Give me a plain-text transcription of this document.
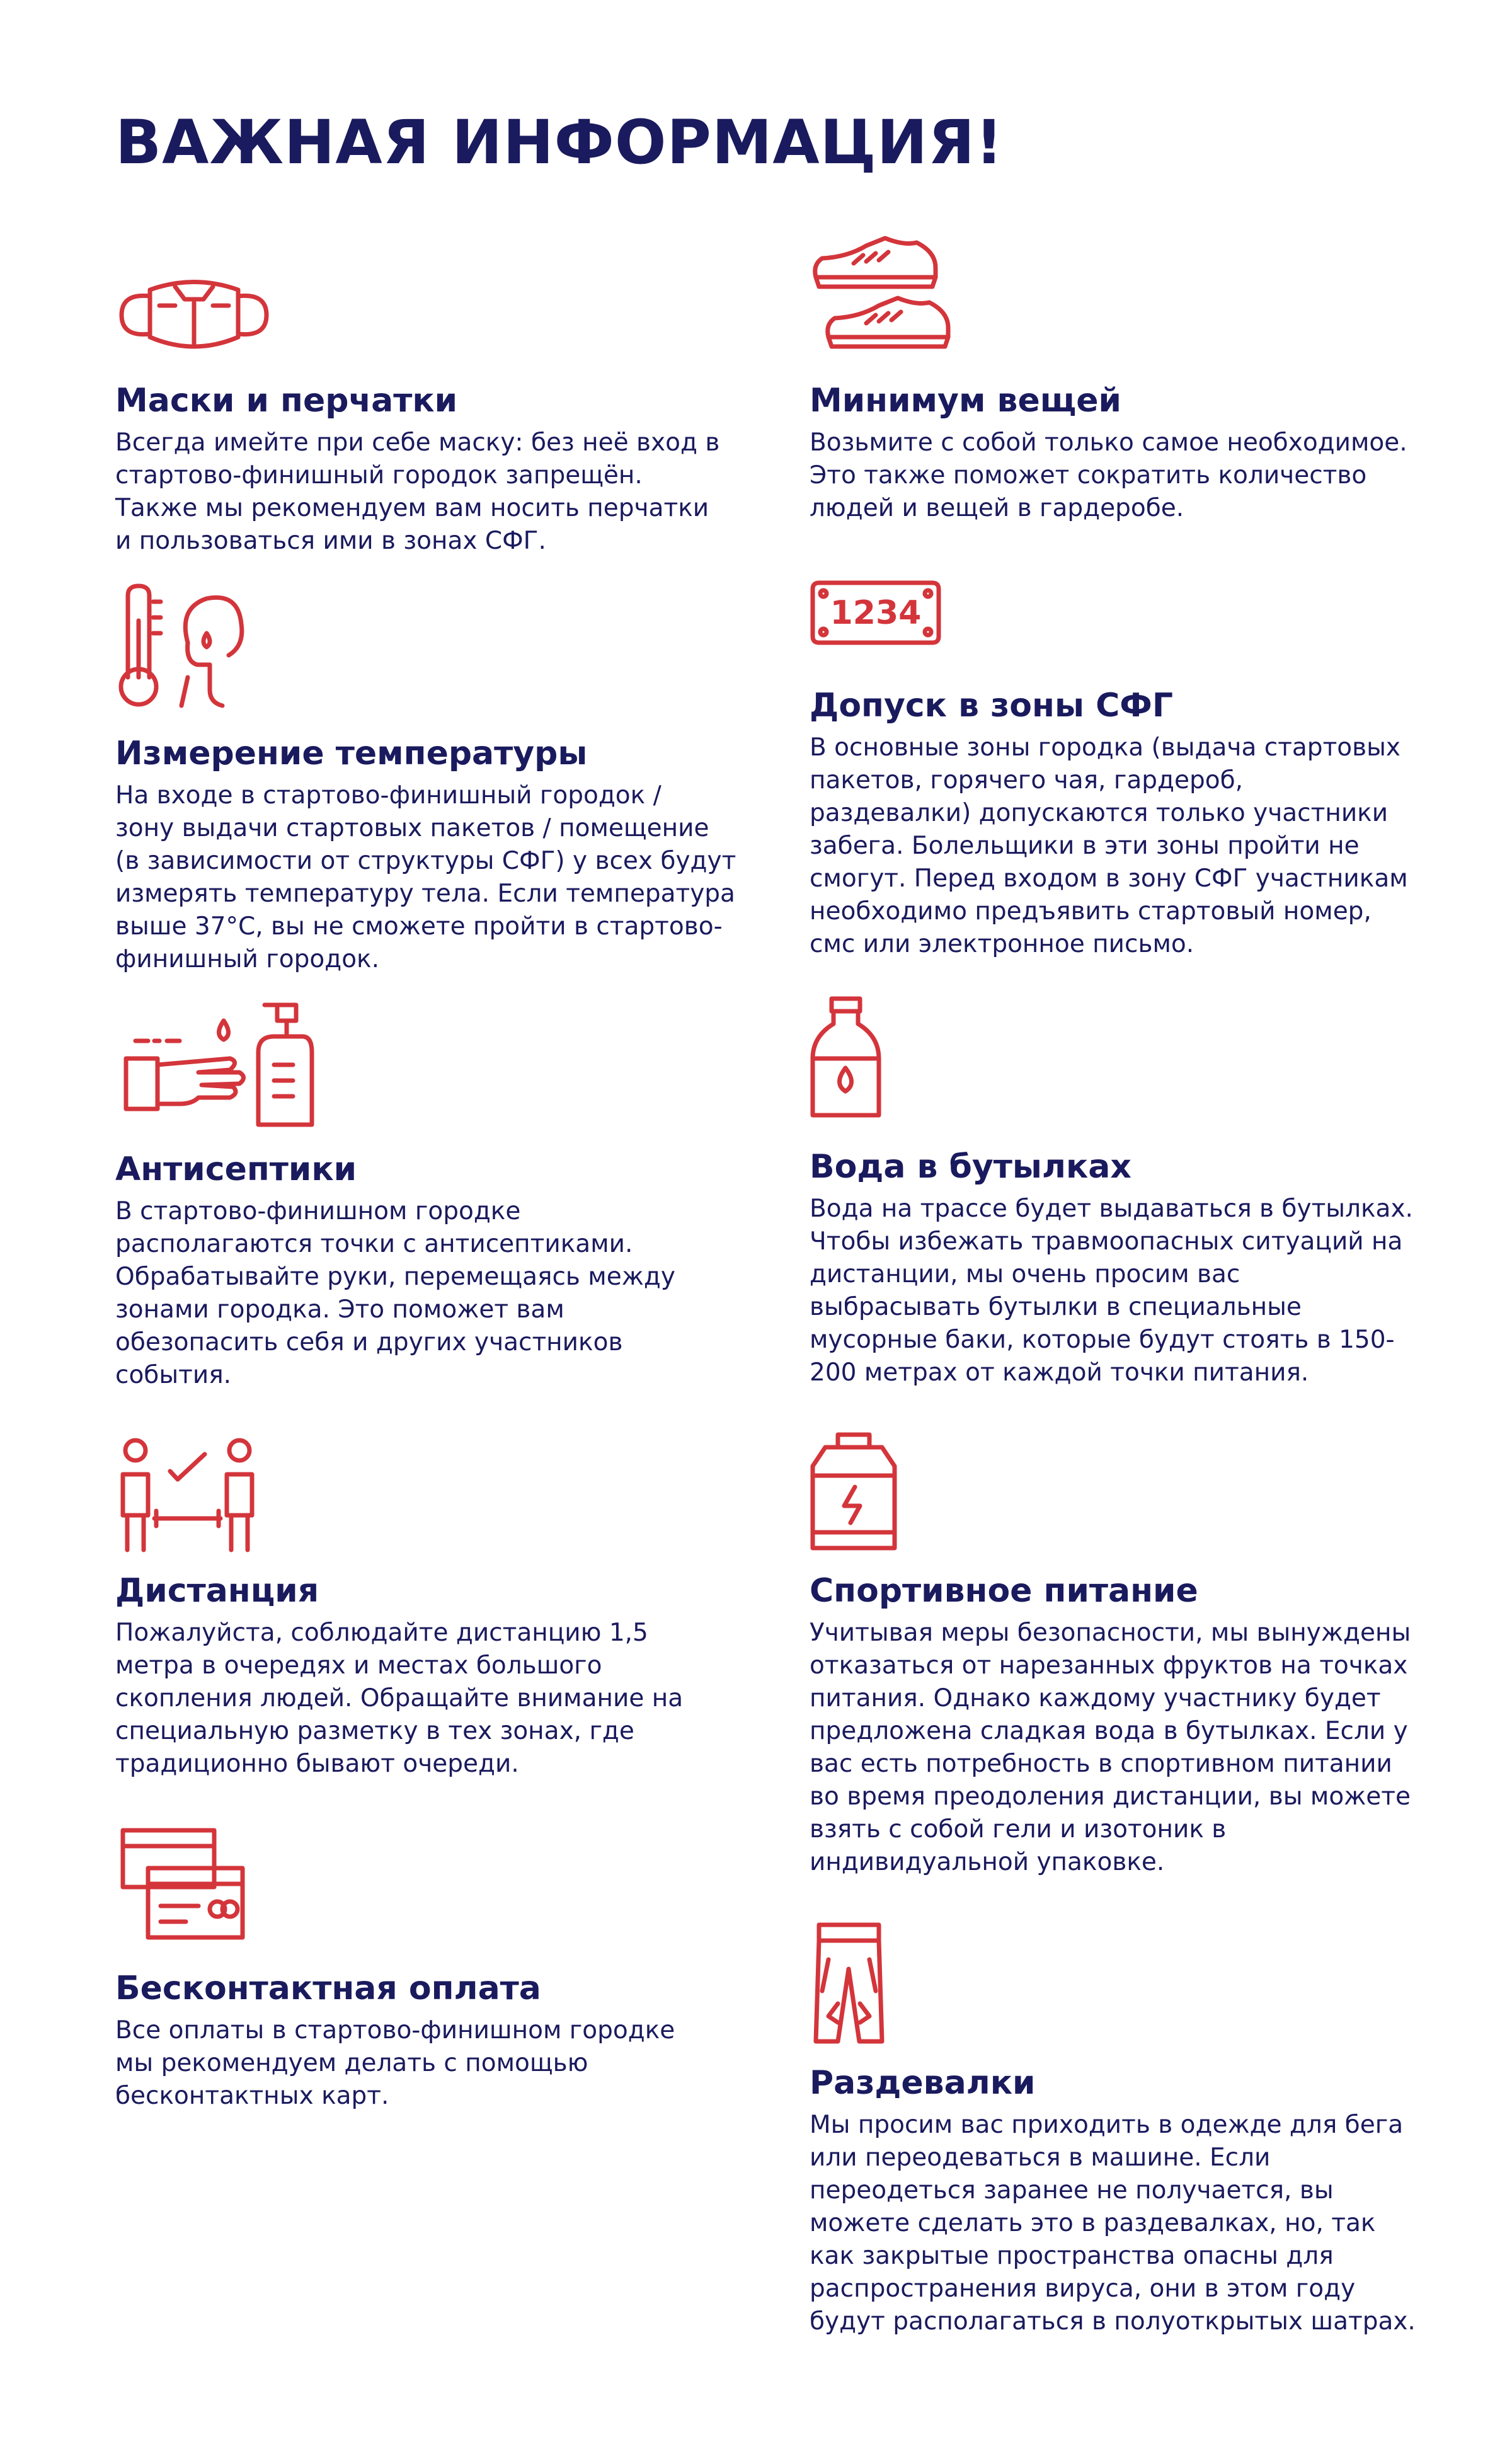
ВАЖНАЯ ИНФОРМАЦИЯ!
Маски и перчатки

Всегда имейте при себе маску: без неё вход в
стартово-финишный городок запрещён.
Также мы рекомендуем вам носить перчатки
и пользоваться ими в зонах СФГ.

Измерение температуры

На входе в стартово-финишный городок /
зону выдачи стартовых пакетов / помещение
(в зависимости от структуры СФГ) у всех будут
измерять температуру тела. Если температура
выше 37°С, вы не сможете пройти в стартово-
финишный городок.

Антисептики

В стартово-финишном городке
располагаются точки с антисептиками.
Обрабатывайте руки, перемещаясь между
зонами городка. Это поможет вам
обезопасить себя и других участников
события.

Дистанция

Пожалуйста, соблюдайте дистанцию 1,5
метра в очередях и местах большого
скопления людей. Обращайте внимание на
специальную разметку в тех зонах, где
традиционно бывают очереди.

Бесконтактная оплата

Все оплаты в стартово-финишном городке
мы рекомендуем делать с помощью
бесконтактных карт.

Минимум вещей

Возьмите с собой только самое необходимое.
Это также поможет сократить количество
людей и вещей в гардеробе.

1234
Допуск в зоны СФГ

В основные зоны городка (выдача стартовых
пакетов, горячего чая, гардероб,
раздевалки) допускаются только участники
забега. Болельщики в эти зоны пройти не
смогут. Перед входом в зону СФГ участникам
необходимо предъявить стартовый номер,
смс или электронное письмо.

Вода в бутылках

Вода на трассе будет выдаваться в бутылках.
Чтобы избежать травмоопасных ситуаций на
дистанции, мы очень просим вас
выбрасывать бутылки в специальные
мусорные баки, которые будут стоять в 150-
200 метрах от каждой точки питания.

Спортивное питание

Учитывая меры безопасности, мы вынуждены
отказаться от нарезанных фруктов на точках
питания. Однако каждому участнику будет
предложена сладкая вода в бутылках. Если у
вас есть потребность в спортивном питании
во время преодоления дистанции, вы можете
взять с собой гели и изотоник в
индивидуальной упаковке.

Раздевалки

Мы просим вас приходить в одежде для бега
или переодеваться в машине. Если
переодеться заранее не получается, вы
можете сделать это в раздевалках, но, так
как закрытые пространства опасны для
распространения вируса, они в этом году
будут располагаться в полуоткрытых шатрах.
